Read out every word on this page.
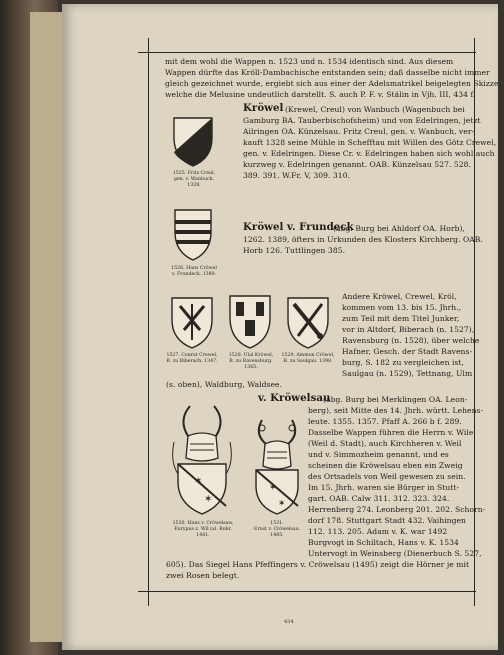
mit dem wohl die Wappen n. 1523 und n. 1534 identisch sind. Aus diesem
Wappen dürfte das Kröll-Dambachische entstanden sein; daß dasselbe nicht immer
gleich gezeichnet wurde, ergiebt sich aus einer der Adelsmatrikel beigelegten Skizze,
welche die Melusine undeutlich darstellt. S. auch P. F. v. Stälin in Vjh. III, 434 f.
1525. Fritz Creul,
gen. v. Wanbuch.
1328.
Kröwel (Krewel, Creul) von Wanbuch (Wagenbuch bei
Gamburg BA. Tauberbischofsheim) und von Edelringen, jetzt
Ailringen OA. Künzelsau. Fritz Creul, gen. v. Wanbuch, ver-
kauft 1328 seine Mühle in Schefftau mit Willen des Götz Crewel,
gen. v. Edelringen. Diese Cr. v. Edelringen haben sich wohl auch
kurzweg v. Edelringen genannt. OAB. Künzelsau 527. 528.
389. 391. W.Fr. V, 309. 310.
1526. Hans Cröwel
v. Frundeck. 1389.
Kröwel v. Frundeck
(abg. Burg bei Ahldorf OA. Horb),
1262. 1389, öfters in Urkunden des Klosters Kirchberg. OAB.
Horb 126. Tuttlingen 385.
1527. Conrat Crewel,
B. zu Biberach. 1347.
1528. Ulal Kröwel,
B. zu Ravensburg.
1365.
1529. Ammon Cröwel,
B. zu Saulgau. 1398.
Andere Kröwel, Crewel, Kröl,
kommen vom 13. bis 15. Jhrh.,
zum Teil mit dem Titel Junker,
vor in Altdorf, Biberach (n. 1527),
Ravensburg (n. 1528), über welche
Hafner, Gesch. der Stadt Ravens-
burg, S. 182 zu vergleichen ist,
Saulgau (n. 1529), Tettnang, Ulm
(s. oben), Waldburg, Waldsee.
✶
✶
1530. Hans v. Cröwelsaw,
Eurypus z. Wil (al. Rohr.
1481.
✶
✶
1531.
Ernst v. Cröwelsau.
1485.
v. Kröwelsau
(abg. Burg bei Merklingen OA. Leon-
berg), seit Mitte des 14. Jhrh. württ. Lehens-
leute. 1355. 1357. Pfaff A. 266 b f. 289.
Dasselbe Wappen führen die Herrn v. Wile
(Weil d. Stadt), auch Kirchheren v. Weil
und v. Simmozheim genannt, und es
scheinen die Kröwelsau eben ein Zweig
des Ortsadels von Weil gewesen zu sein.
Im 15. Jhrh. waren sie Bürger in Stutt-
gart. OAB. Calw 311. 312. 323. 324.
Herrenberg 274. Leonberg 201. 202. Schorn-
dorf 178. Stuttgart Stadt 432. Vaihingen
112. 113. 205. Adam v. K. war 1492
Burgvogt in Schiltach, Hans v. K. 1534
Untervogt in Weinsberg (Dienerbuch S. 527,
605). Das Siegel Hans Pfeffingers v. Cröwelsau (1495) zeigt die Hörner je mit
zwei Rosen belegt.
434
